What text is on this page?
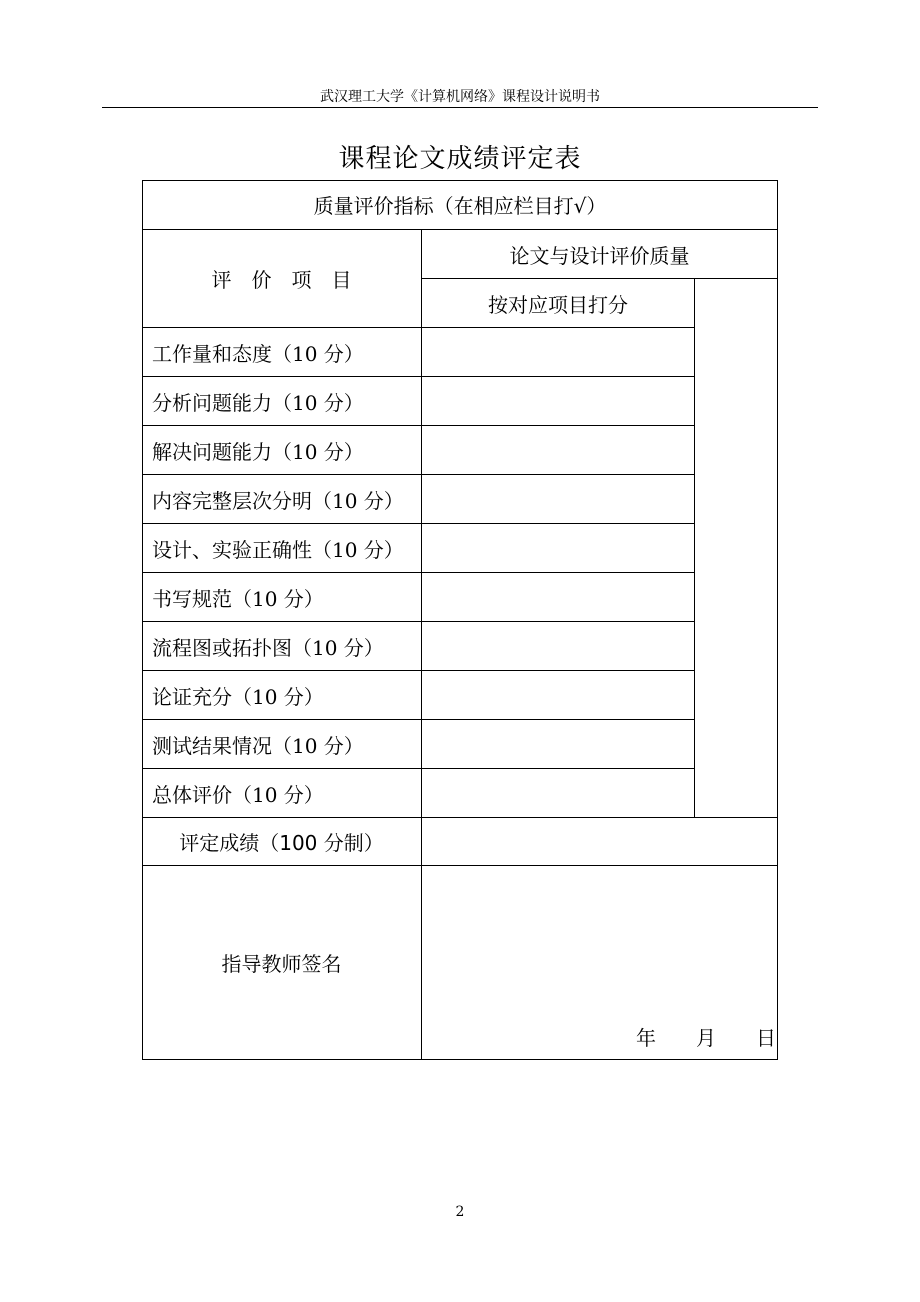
武汉理工大学《计算机网络》课程设计说明书
课程论文成绩评定表
质量评价指标（在相应栏目打√）
评　价　项　目
论文与设计评价质量
按对应项目打分
工作量和态度（10 分）
分析问题能力（10 分）
解决问题能力（10 分）
内容完整层次分明（10 分）
设计、实验正确性（10 分）
书写规范（10 分）
流程图或拓扑图（10 分）
论证充分（10 分）
测试结果情况（10 分）
总体评价（10 分）
评定成绩（100 分制）
指导教师签名
年 月 日
2
